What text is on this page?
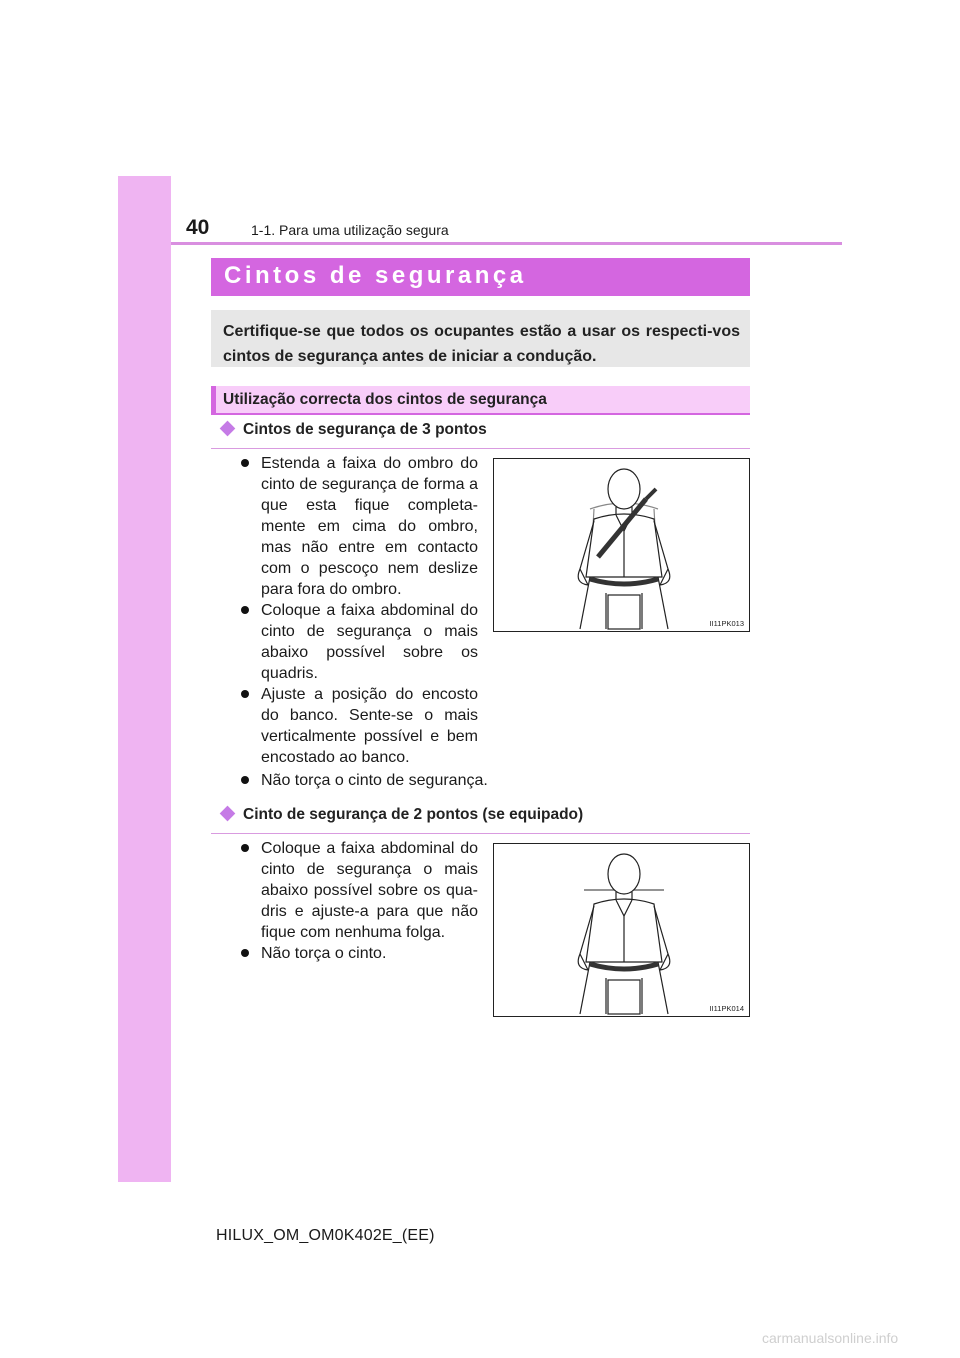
40	1-1. Para uma utilização segura
Cintos de segurança
Certifique-se que todos os ocupantes estão a usar os respecti-vos cintos de segurança antes de iniciar a condução.
Utilização correcta dos cintos de segurança
Cintos de segurança de 3 pontos
Estenda a faixa do ombro do cinto de segurança de forma a que esta fique completa-mente em cima do ombro, mas não entre em contacto com o pescoço nem deslize para fora do ombro.
Coloque a faixa abdominal do cinto de segurança o mais abaixo possível sobre os quadris.
Ajuste a posição do encosto do banco. Sente-se o mais verticalmente possível e bem encostado ao banco.
Não torça o cinto de segurança.
II11PK013
Cinto de segurança de 2 pontos (se equipado)
Coloque a faixa abdominal do cinto de segurança o mais abaixo possível sobre os qua-dris e ajuste-a para que não fique com nenhuma folga.
Não torça o cinto.
II11PK014
HILUX_OM_OM0K402E_(EE)
carmanualsonline.info
